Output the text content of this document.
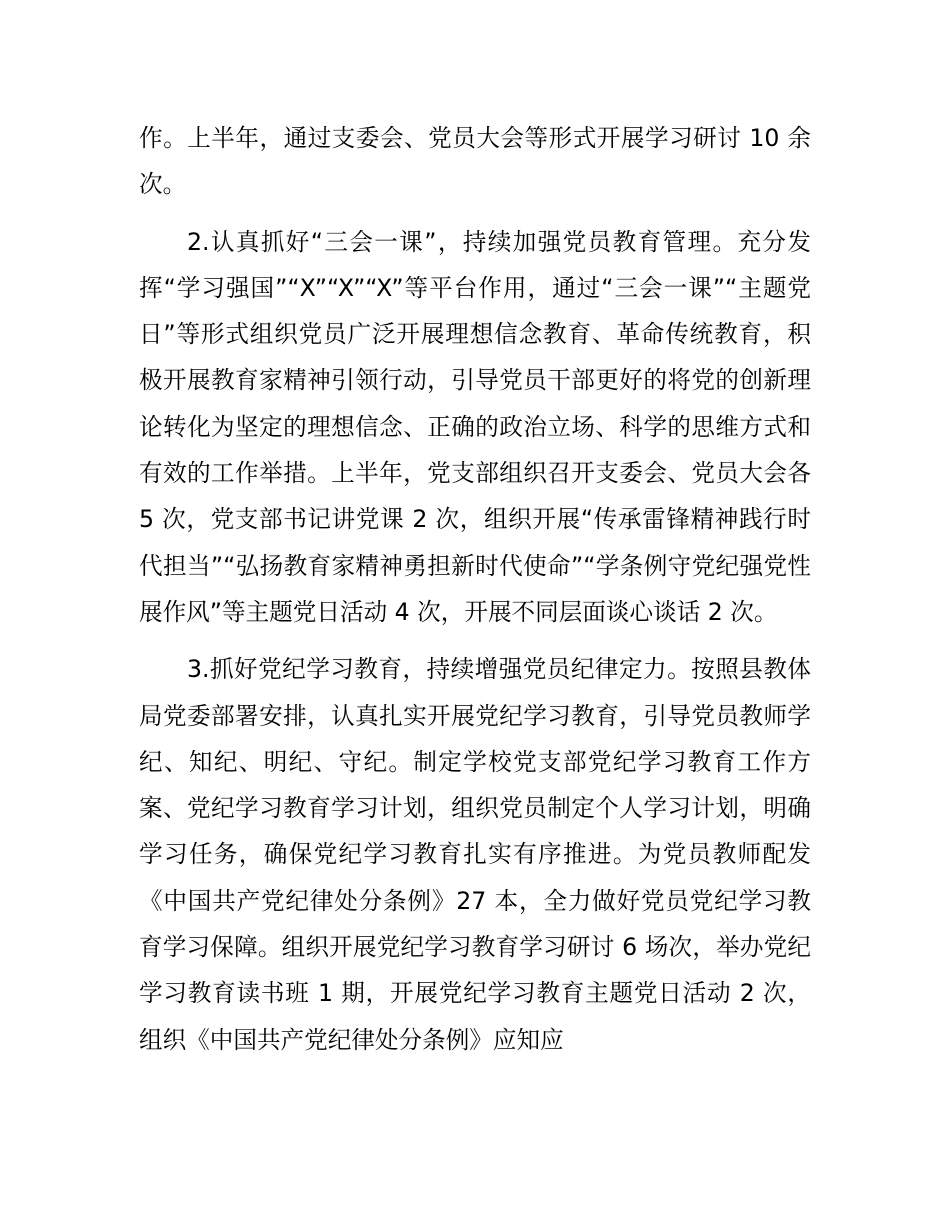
作。上半年，通过支委会、党员大会等形式开展学习研讨 10 余次。

2.认真抓好“三会一课”，持续加强党员教育管理。充分发挥“学习强国”“X”“X”“X”等平台作用，通过“三会一课”“主题党日”等形式组织党员广泛开展理想信念教育、革命传统教育，积极开展教育家精神引领行动，引导党员干部更好的将党的创新理论转化为坚定的理想信念、正确的政治立场、科学的思维方式和有效的工作举措。上半年，党支部组织召开支委会、党员大会各 5 次，党支部书记讲党课 2 次，组织开展“传承雷锋精神践行时代担当”“弘扬教育家精神勇担新时代使命”“学条例守党纪强党性展作风”等主题党日活动 4 次，开展不同层面谈心谈话 2 次。

3.抓好党纪学习教育，持续增强党员纪律定力。按照县教体局党委部署安排，认真扎实开展党纪学习教育，引导党员教师学纪、知纪、明纪、守纪。制定学校党支部党纪学习教育工作方案、党纪学习教育学习计划，组织党员制定个人学习计划，明确学习任务，确保党纪学习教育扎实有序推进。为党员教师配发《中国共产党纪律处分条例》27 本，全力做好党员党纪学习教育学习保障。组织开展党纪学习教育学习研讨 6 场次，举办党纪学习教育读书班 1 期，开展党纪学习教育主题党日活动 2 次，组织《中国共产党纪律处分条例》应知应
